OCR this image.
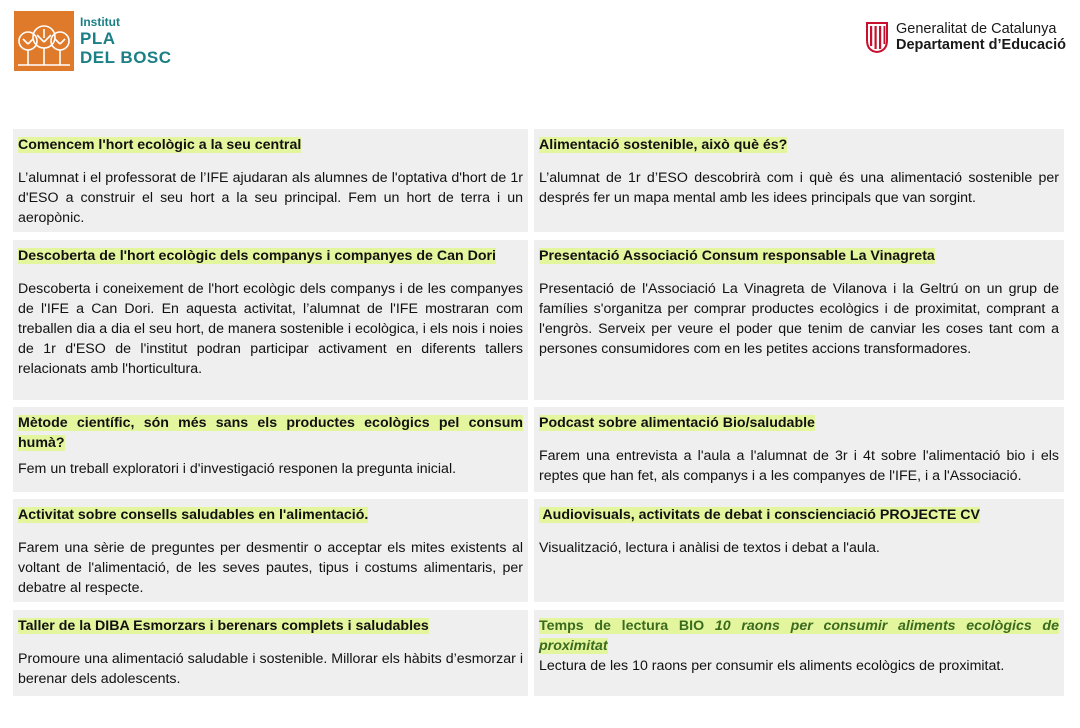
Institut
PLA
DEL BOSC
Generalitat de Catalunya
Departament d’Educació

Comencem l'hort ecològic a la seu central

L’alumnat i el professorat de l’IFE ajudaran als alumnes de l'optativa d'hort de 1r d'ESO a construir el seu hort a la seu principal. Fem un hort de terra i un aeropònic.

Alimentació sostenible, això què és?

L’alumnat de 1r d’ESO descobrirà com i què és una alimentació sostenible per després fer un mapa mental amb les idees principals que van sorgint.

Descoberta de l'hort ecològic dels companys i companyes de Can Dori

Descoberta i coneixement de l'hort ecològic dels companys i de les companyes de l'IFE a Can Dori. En aquesta activitat, l’alumnat de l'IFE mostraran com treballen dia a dia el seu hort, de manera sostenible i ecològica, i els nois i noies de 1r d'ESO de l'institut podran participar activament en diferents tallers relacionats amb l'horticultura.

Presentació Associació Consum responsable La Vinagreta

Presentació de l'Associació La Vinagreta de Vilanova i la Geltrú on un grup de famílies s'organitza per comprar productes ecològics i de proximitat, comprant a l'engròs. Serveix per veure el poder que tenim de canviar les coses tant com a persones consumidores com en les petites accions transformadores.

Mètode científic, són més sans els productes ecològics pel consum humà?

Fem un treball exploratori i d'investigació responen la pregunta inicial.

Podcast sobre alimentació Bio/saludable

Farem una entrevista a l'aula a l'alumnat de 3r i 4t sobre l'alimentació bio i els reptes que han fet, als companys i a les companyes de l'IFE, i a l'Associació.

Activitat sobre consells saludables en l'alimentació.

Farem una sèrie de preguntes per desmentir o acceptar els mites existents al voltant de l'alimentació, de les seves pautes, tipus i costums alimentaris, per debatre al respecte.

Audiovisuals, activitats de debat i conscienciació PROJECTE CV

Visualització, lectura i anàlisi de textos i debat a l'aula.

Taller de la DIBA Esmorzars i berenars complets i saludables

Promoure una alimentació saludable i sostenible. Millorar els hàbits d’esmorzar i berenar dels adolescents.

Temps de lectura BIO 10 raons per consumir aliments ecològics de proximitat

Lectura de les 10 raons per consumir els aliments ecològics de proximitat.
